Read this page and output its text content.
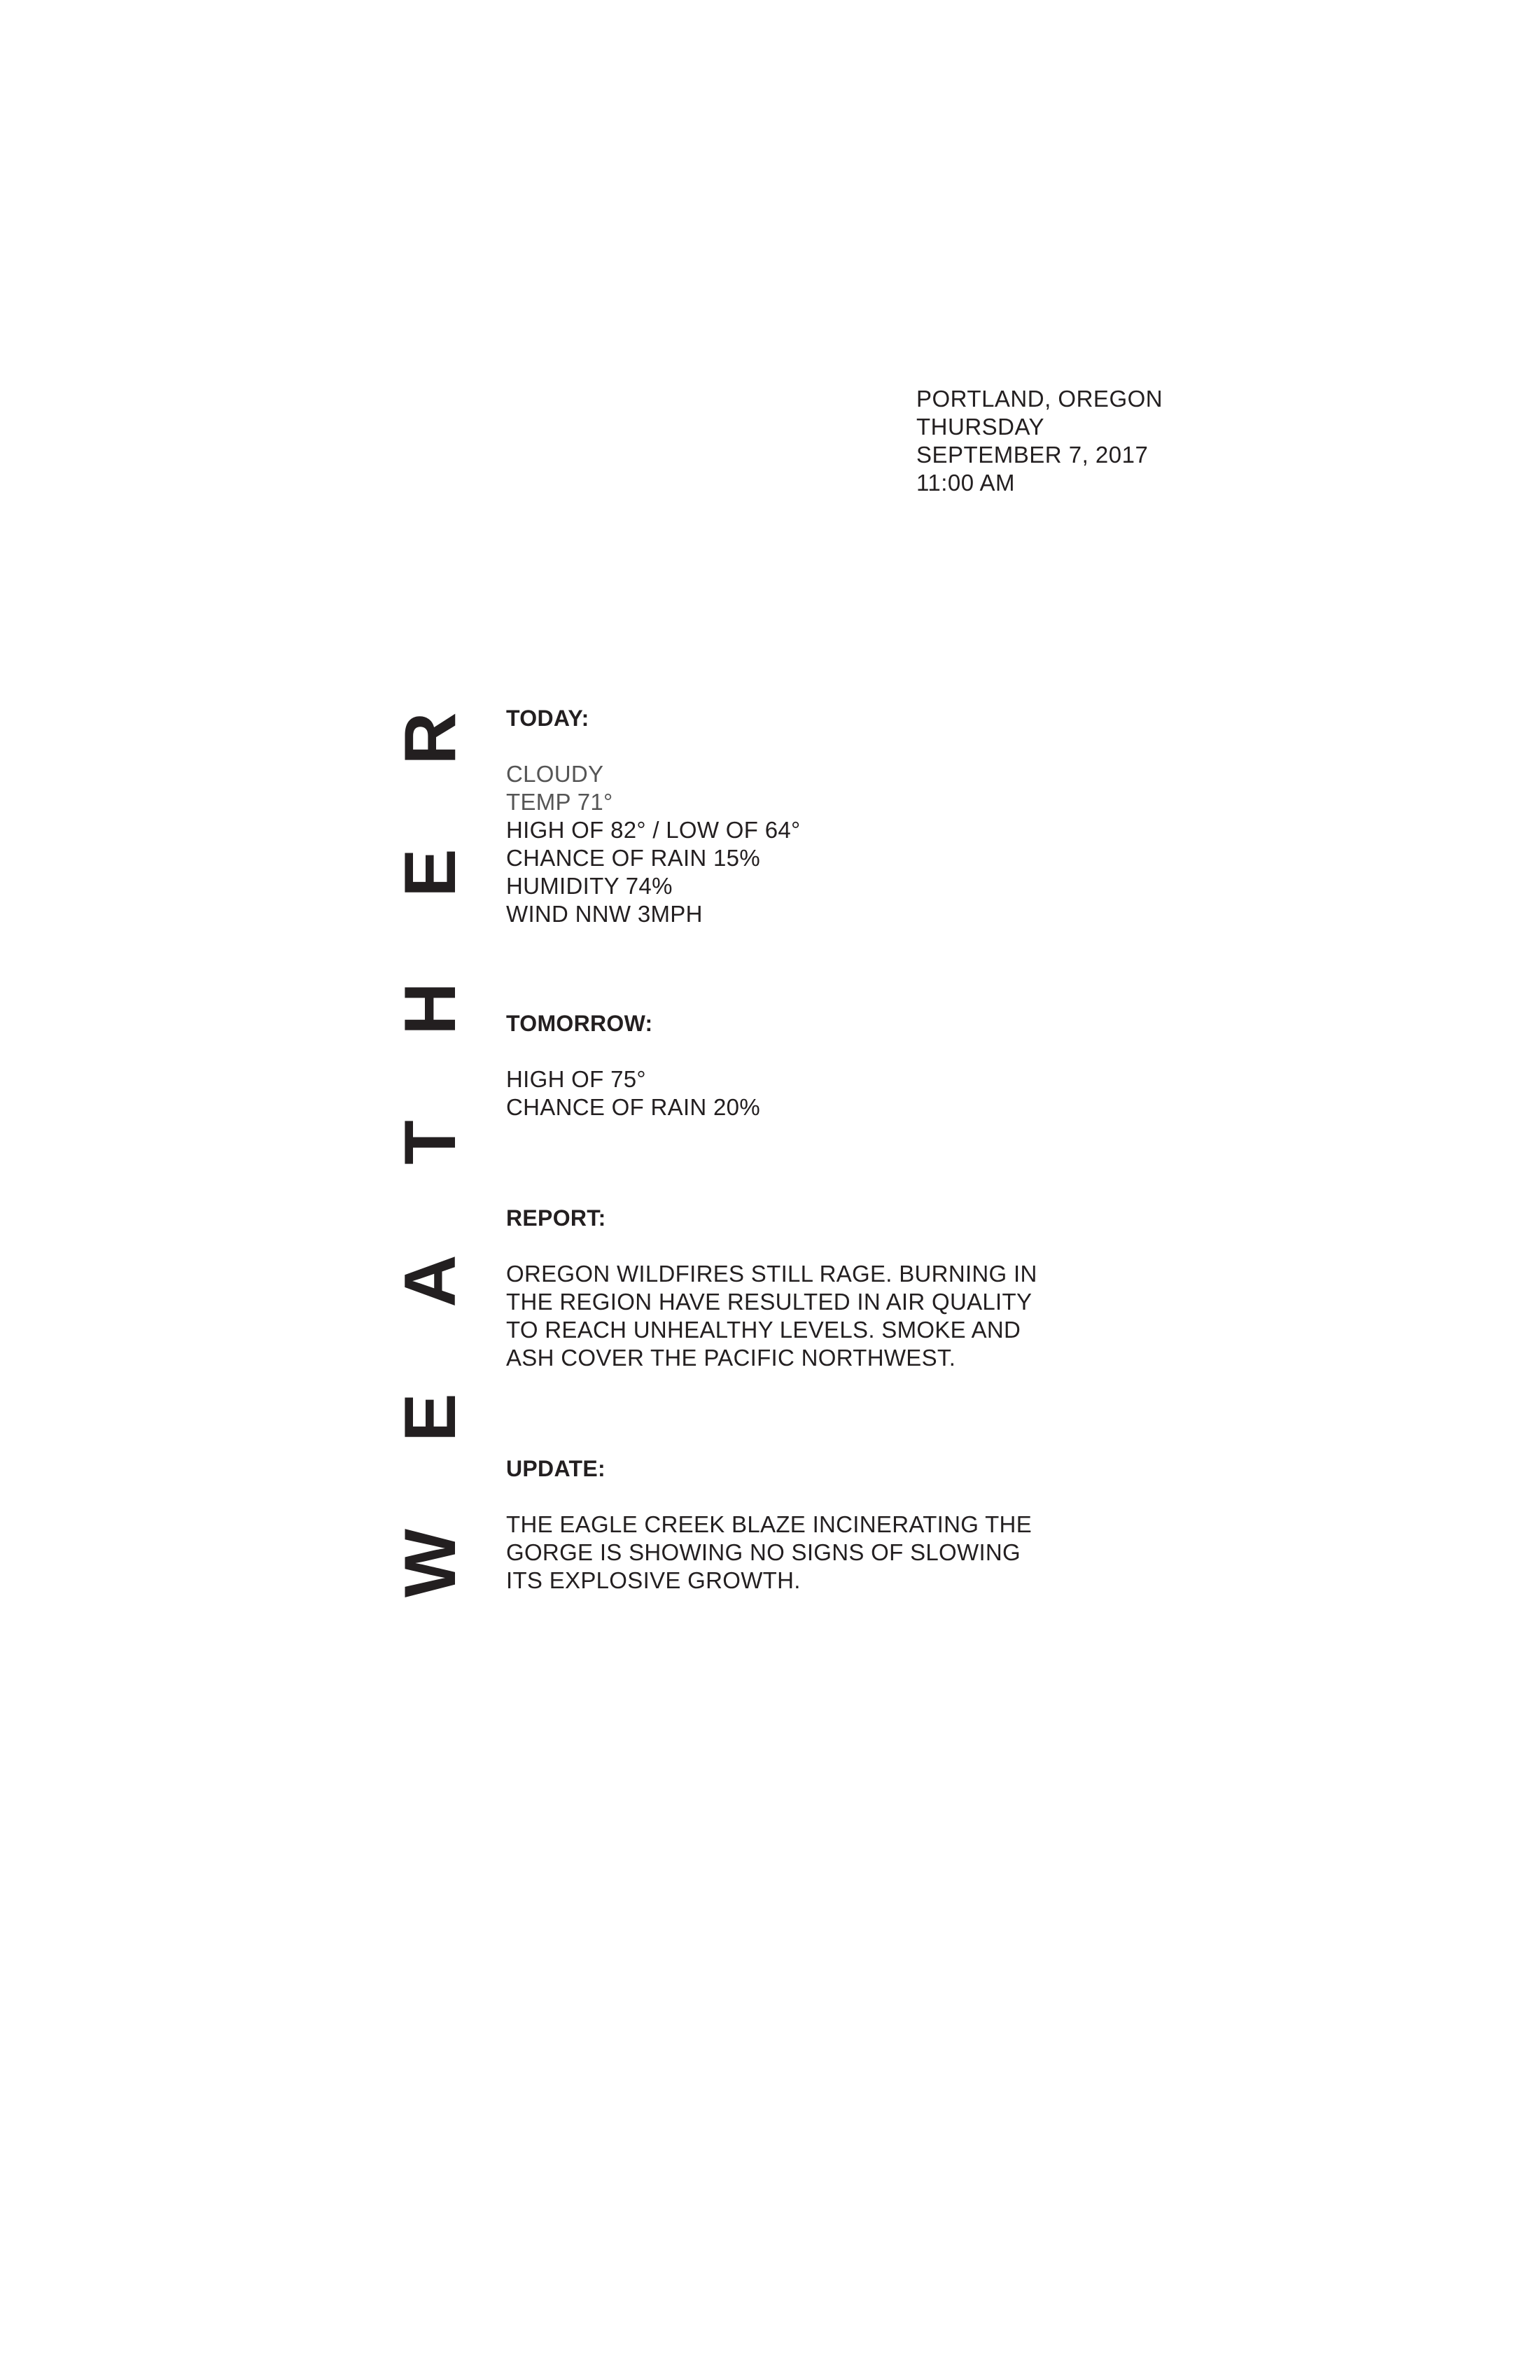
PORTLAND, OREGON
THURSDAY
SEPTEMBER 7, 2017
11:00 AM
W
E
A
T
H
E
R TODAY:
CLOUDY
TEMP 71°
HIGH OF 82° / LOW OF 64°
CHANCE OF RAIN 15%
HUMIDITY 74%
WIND NNW 3MPH
TOMORROW:
HIGH OF 75°
CHANCE OF RAIN 20%
REPORT:
OREGON WILDFIRES STILL RAGE. BURNING IN
THE REGION HAVE RESULTED IN AIR QUALITY
TO REACH UNHEALTHY LEVELS. SMOKE AND
ASH COVER THE PACIFIC NORTHWEST.
UPDATE:
THE EAGLE CREEK BLAZE INCINERATING THE
GORGE IS SHOWING NO SIGNS OF SLOWING
ITS EXPLOSIVE GROWTH.
